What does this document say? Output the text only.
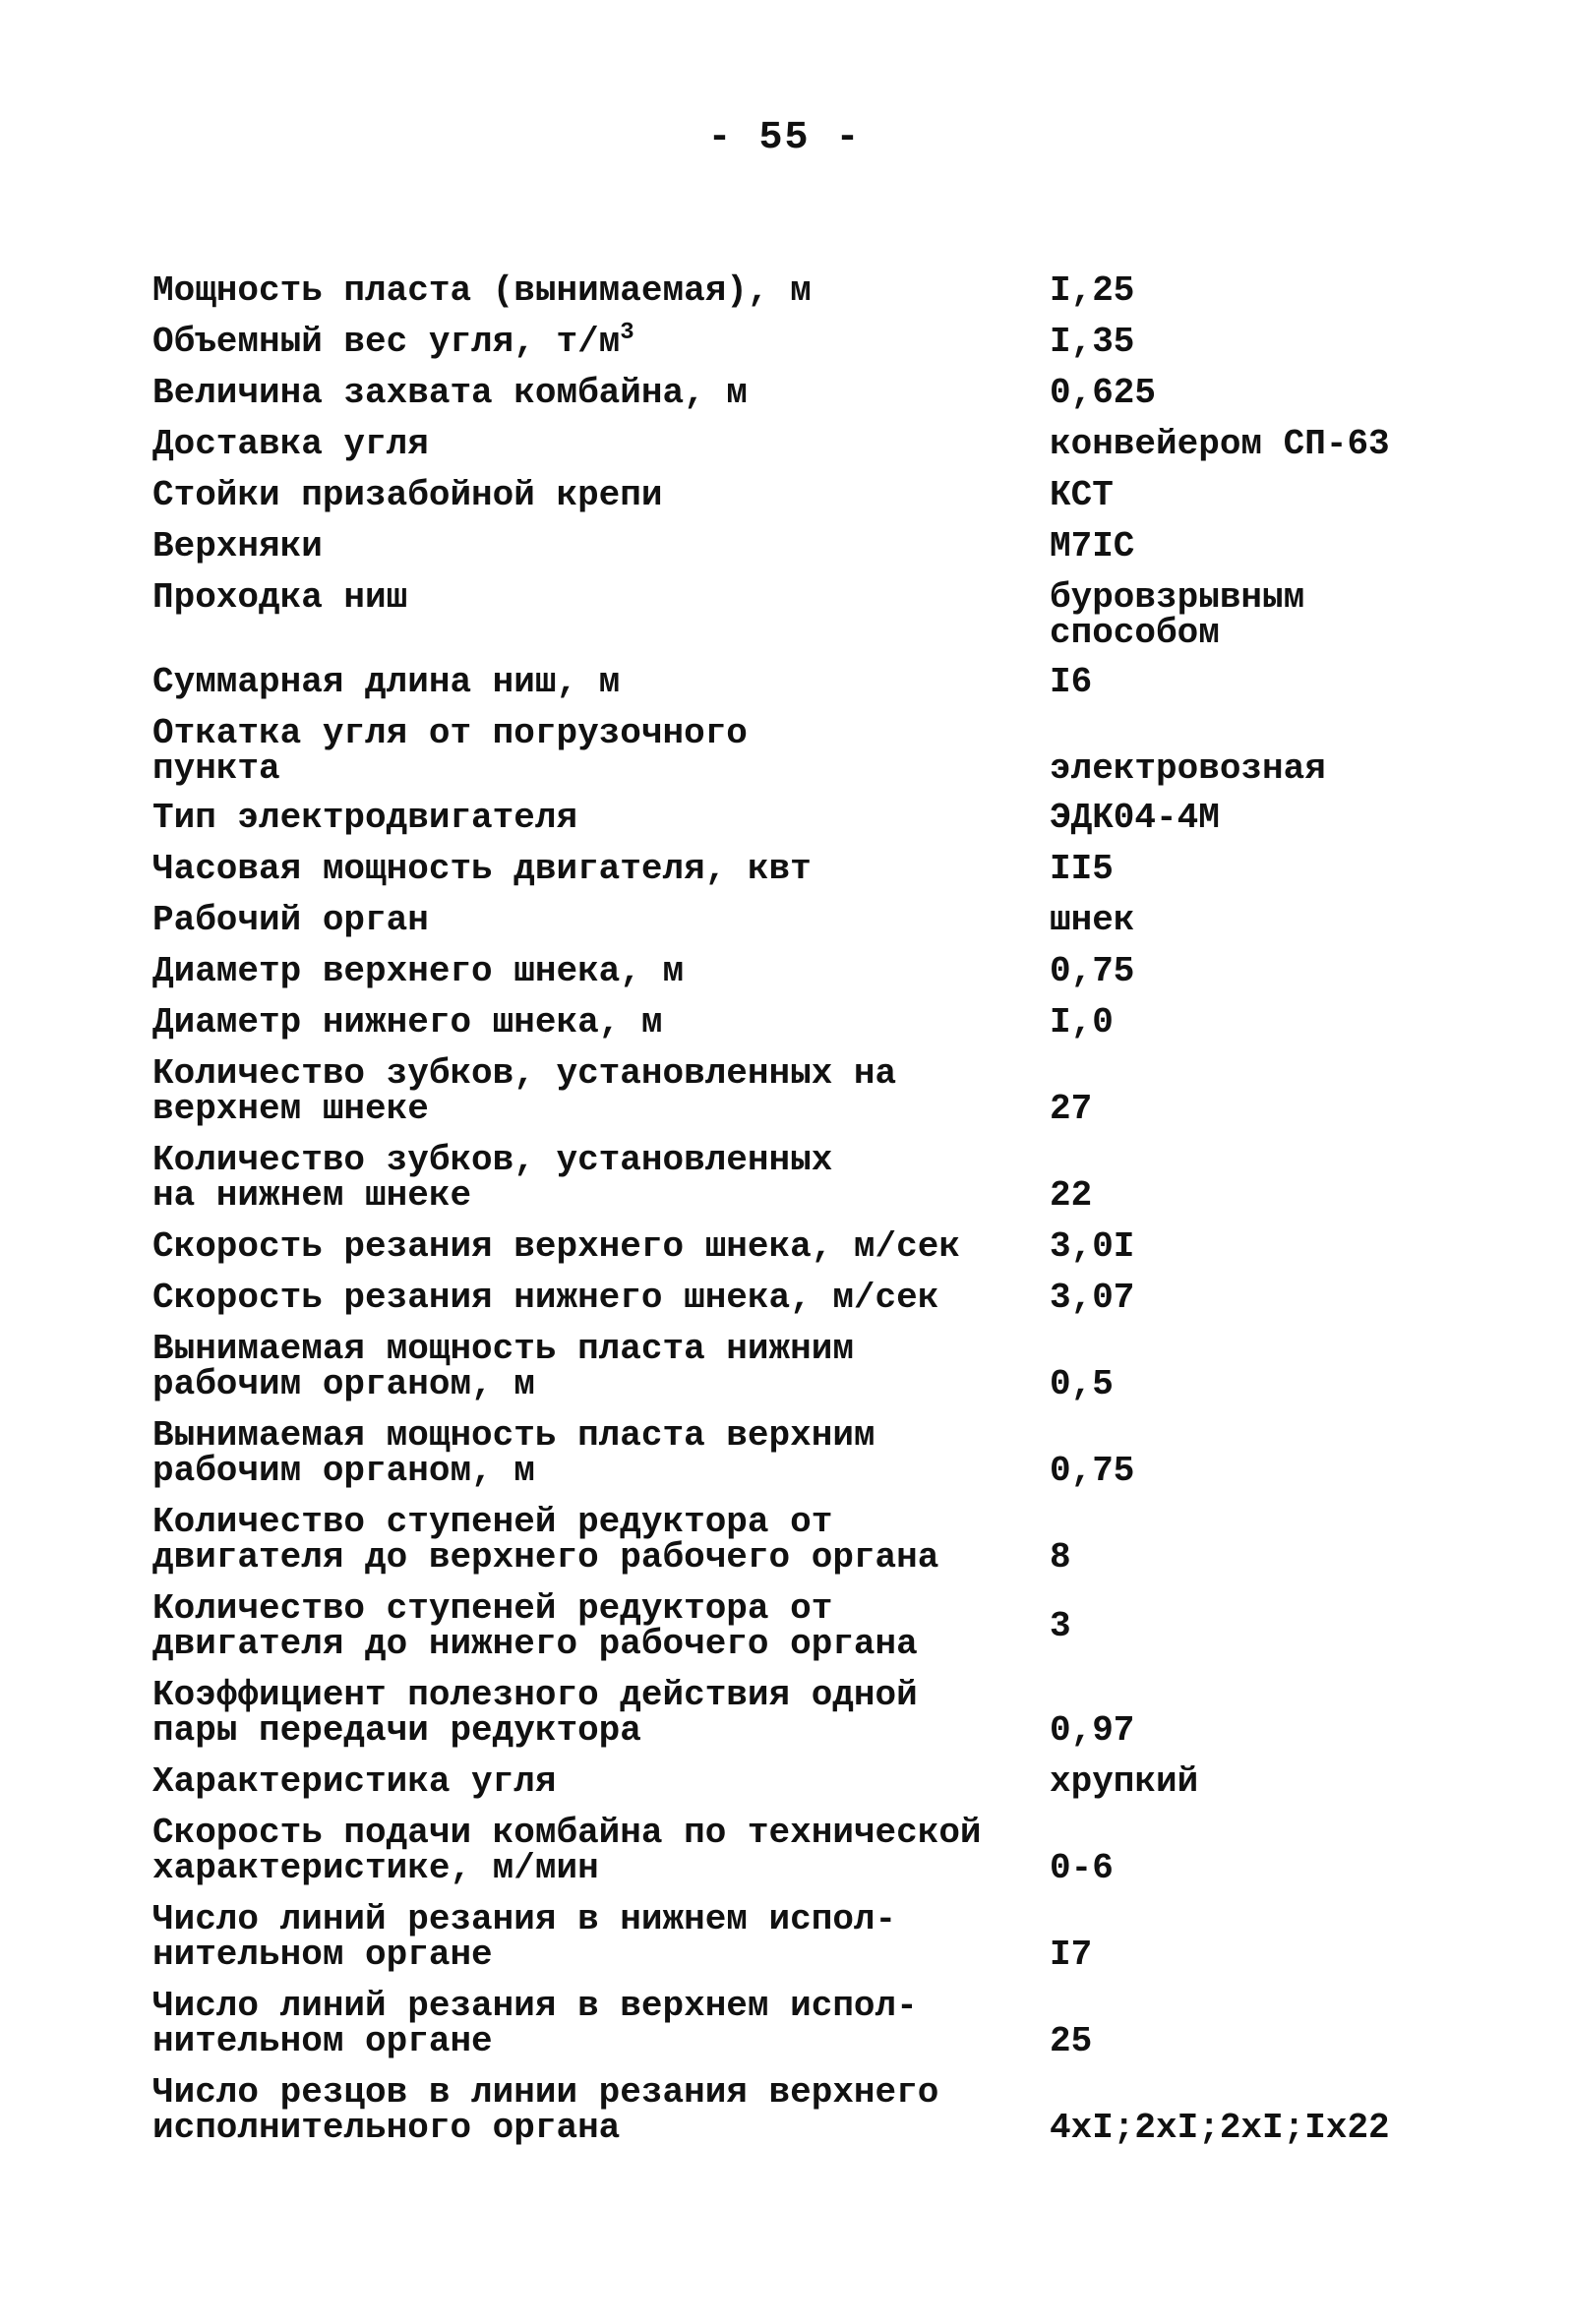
- 55 -
Мощность пласта (вынимаемая), м	I,25
Объемный вес угля, $т/м^3$	I,35
Величина захвата комбайна, м	0,625
Доставка угля	конвейером СП-63
Стойки призабойной крепи	КСТ
Верхняки	М7IС
Проходка ниш	буровзрывным
способом
Суммарная длина ниш, м	I6
Откатка угля от погрузочного
пункта	электровозная
Тип электродвигателя	ЭДК04-4М
Часовая мощность двигателя, квт	II5
Рабочий орган	шнек
Диаметр верхнего шнека, м	0,75
Диаметр нижнего шнека, м	I,0
Количество зубков, установленных на
верхнем шнеке	27
Количество зубков, установленных
на нижнем шнеке	22
Скорость резания верхнего шнека, м/сек	3,0I
Скорость резания нижнего шнека, м/сек	3,07
Вынимаемая мощность пласта нижним
рабочим органом, м	0,5
Вынимаемая мощность пласта верхним
рабочим органом, м	0,75
Количество ступеней редуктора от
двигателя до верхнего рабочего органа	8
Количество ступеней редуктора от
двигателя до нижнего рабочего органа	3
Коэффициент полезного действия одной
пары передачи редуктора	0,97
Характеристика угля	хрупкий
Скорость подачи комбайна по технической
характеристике, м/мин	0-6
Число линий резания в нижнем испол-
нительном органе	I7
Число линий резания в верхнем испол-
нительном органе	25
Число резцов в линии резания верхнего
исполнительного органа	4хI;2хI;2хI;Iх22
